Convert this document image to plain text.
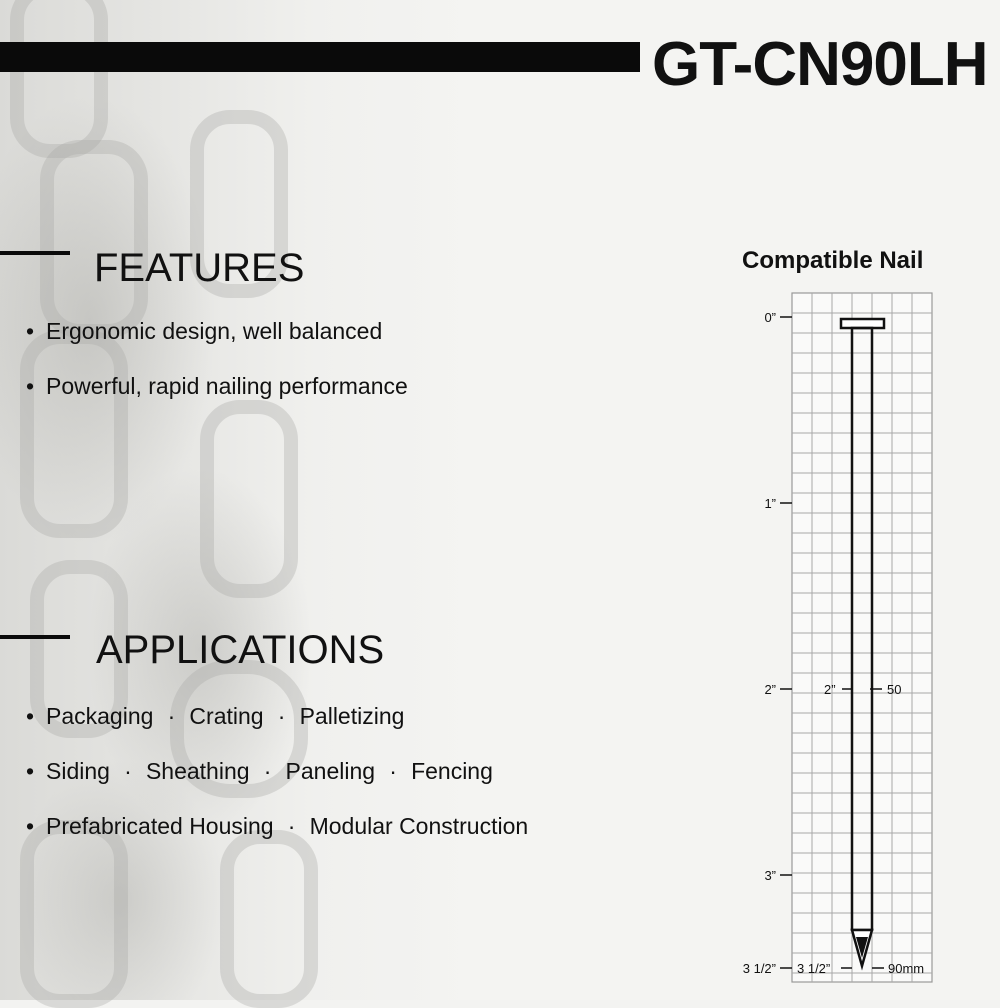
GT-CN90LH
FEATURES
• Ergonomic design, well balanced
• Powerful, rapid nailing performance
APPLICATIONS
• Packaging · Crating · Palletizing
• Siding · Sheathing · Paneling · Fencing
• Prefabricated Housing · Modular Construction
Compatible Nail
0”
1”
2”
3”
3 1/2”
2”	50
3 1/2”	90mm
